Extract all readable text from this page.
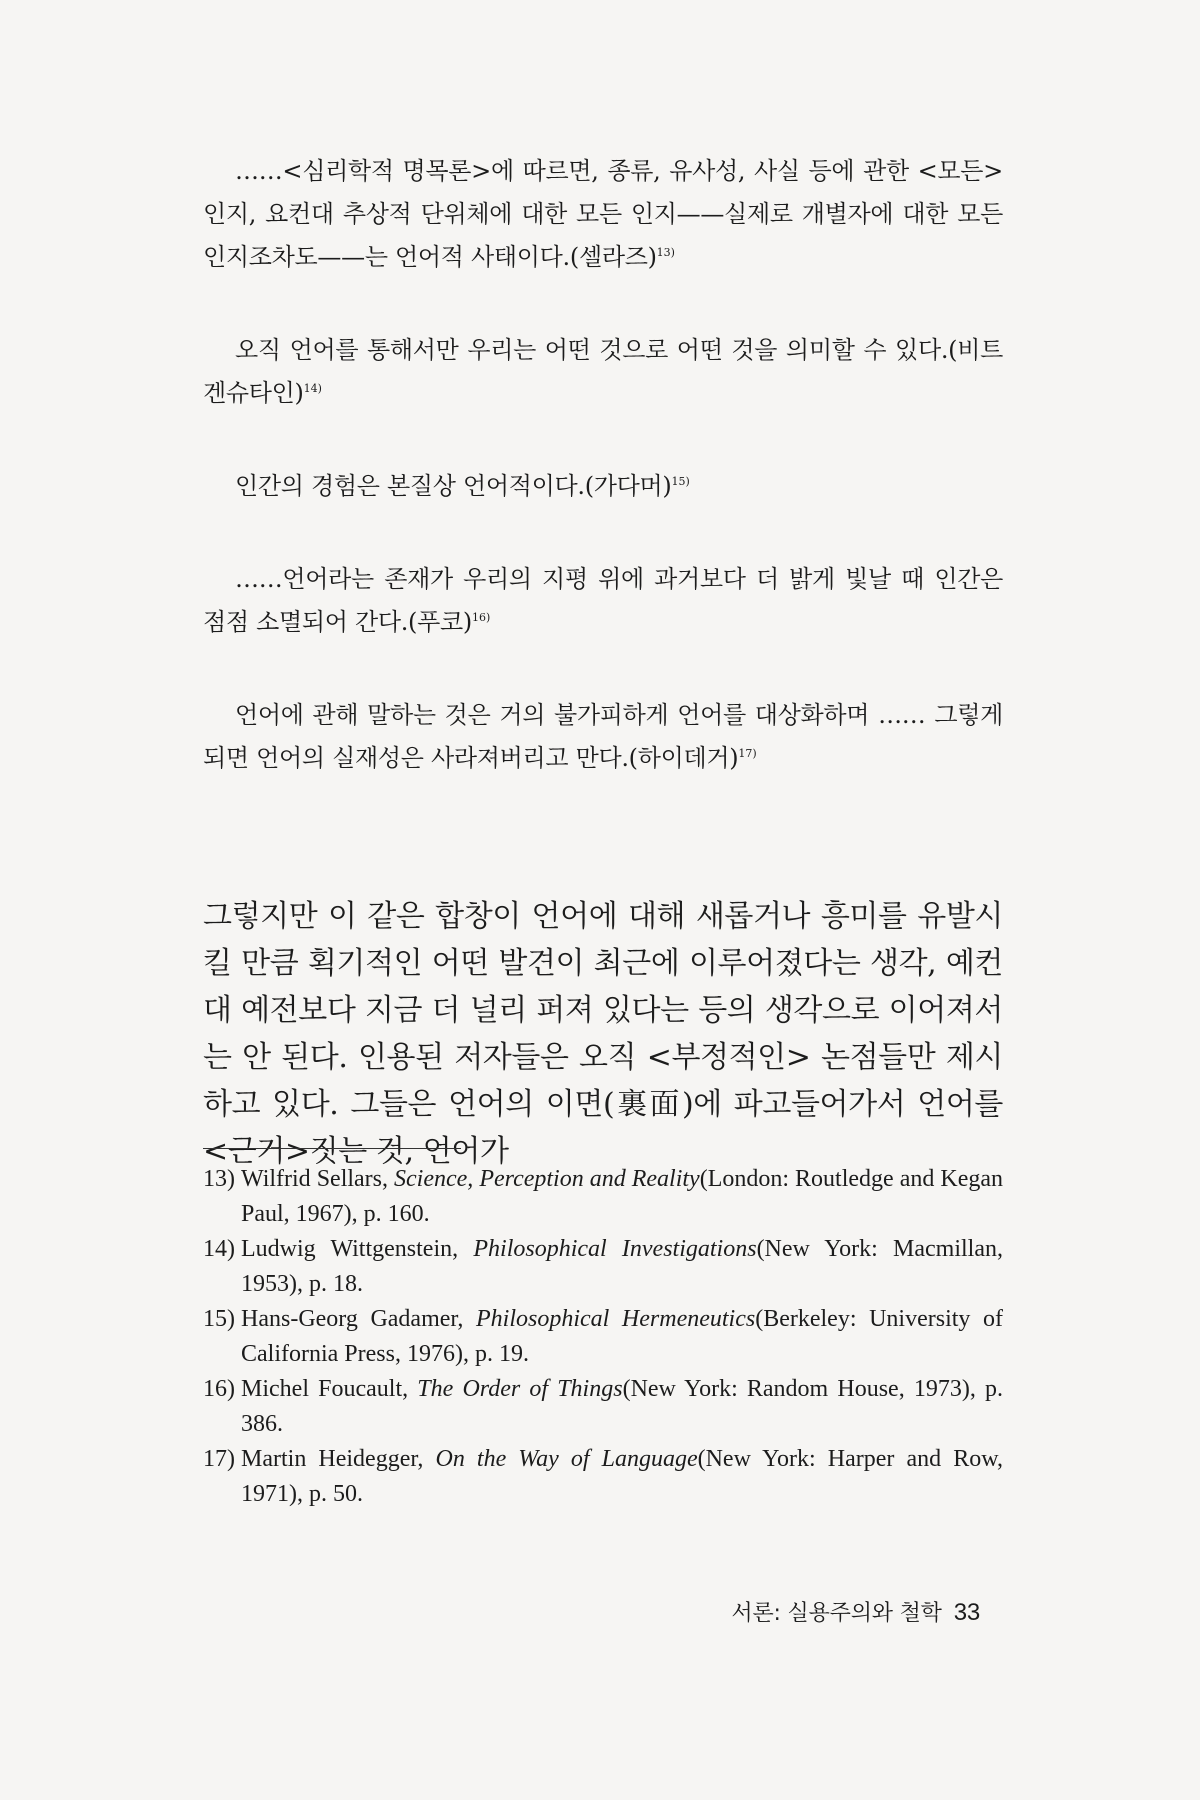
……<심리학적 명목론>에 따르면, 종류, 유사성, 사실 등에 관한 <모든> 인지, 요컨대 추상적 단위체에 대한 모든 인지——실제로 개별자에 대한 모든 인지조차도——는 언어적 사태이다.(셀라즈)$^{13)}$

오직 언어를 통해서만 우리는 어떤 것으로 어떤 것을 의미할 수 있다.(비트겐슈타인)$^{14)}$

인간의 경험은 본질상 언어적이다.(가다머)$^{15)}$

……언어라는 존재가 우리의 지평 위에 과거보다 더 밝게 빛날 때 인간은 점점 소멸되어 간다.(푸코)$^{16)}$

언어에 관해 말하는 것은 거의 불가피하게 언어를 대상화하며 …… 그렇게 되면 언어의 실재성은 사라져버리고 만다.(하이데거)$^{17)}$

그렇지만 이 같은 합창이 언어에 대해 새롭거나 흥미를 유발시킬 만큼 획기적인 어떤 발견이 최근에 이루어졌다는 생각, 예컨대 예전보다 지금 더 널리 퍼져 있다는 등의 생각으로 이어져서는 안 된다. 인용된 저자들은 오직 <부정적인> 논점들만 제시하고 있다. 그들은 언어의 이면(裏面)에 파고들어가서 언어를 <근거>짓는 것, 언어가

13) Wilfrid Sellars, Science, Perception and Reality(London: Routledge and Kegan Paul, 1967), p. 160.
14) Ludwig Wittgenstein, Philosophical Investigations(New York: Macmillan, 1953), p. 18.
15) Hans-Georg Gadamer, Philosophical Hermeneutics(Berkeley: University of California Press, 1976), p. 19.
16) Michel Foucault, The Order of Things(New York: Random House, 1973), p. 386.
17) Martin Heidegger, On the Way of Language(New York: Harper and Row, 1971), p. 50.
서론: 실용주의와 철학 33
